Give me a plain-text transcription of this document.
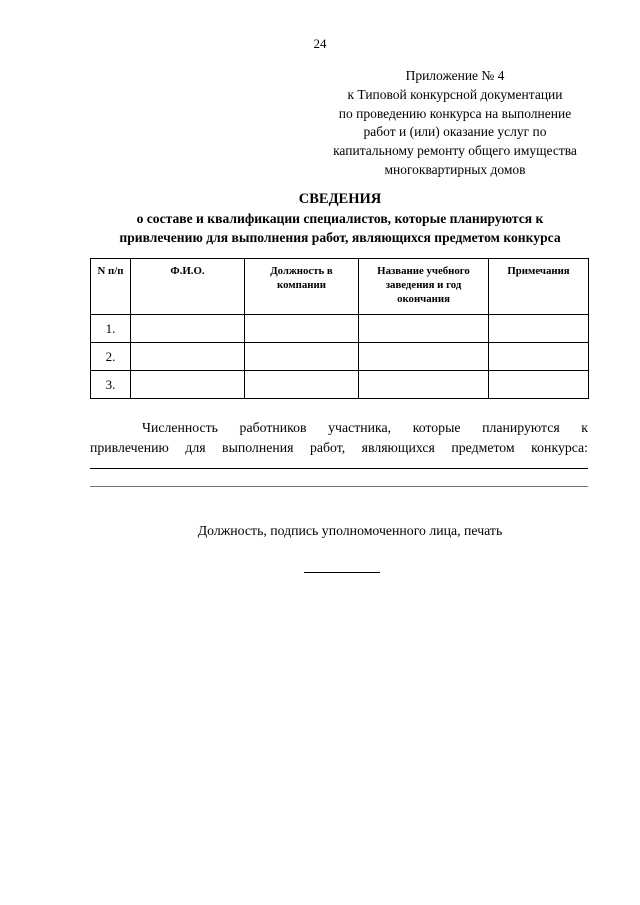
24
Приложение № 4
к Типовой конкурсной документации
по проведению конкурса на выполнение
работ и (или) оказание услуг по
капитальному ремонту общего имущества
многоквартирных домов
СВЕДЕНИЯ
о составе и квалификации специалистов, которые планируются к
привлечению для выполнения работ, являющихся предметом конкурса
N п/п	Ф.И.О.	Должность в компании	Название учебного заведения и год окончания	Примечания
1.				
2.				
3.				
Численность работников участника, которые планируются к
привлечению для выполнения работ, являющихся предметом конкурса:
Должность, подпись уполномоченного лица, печать
